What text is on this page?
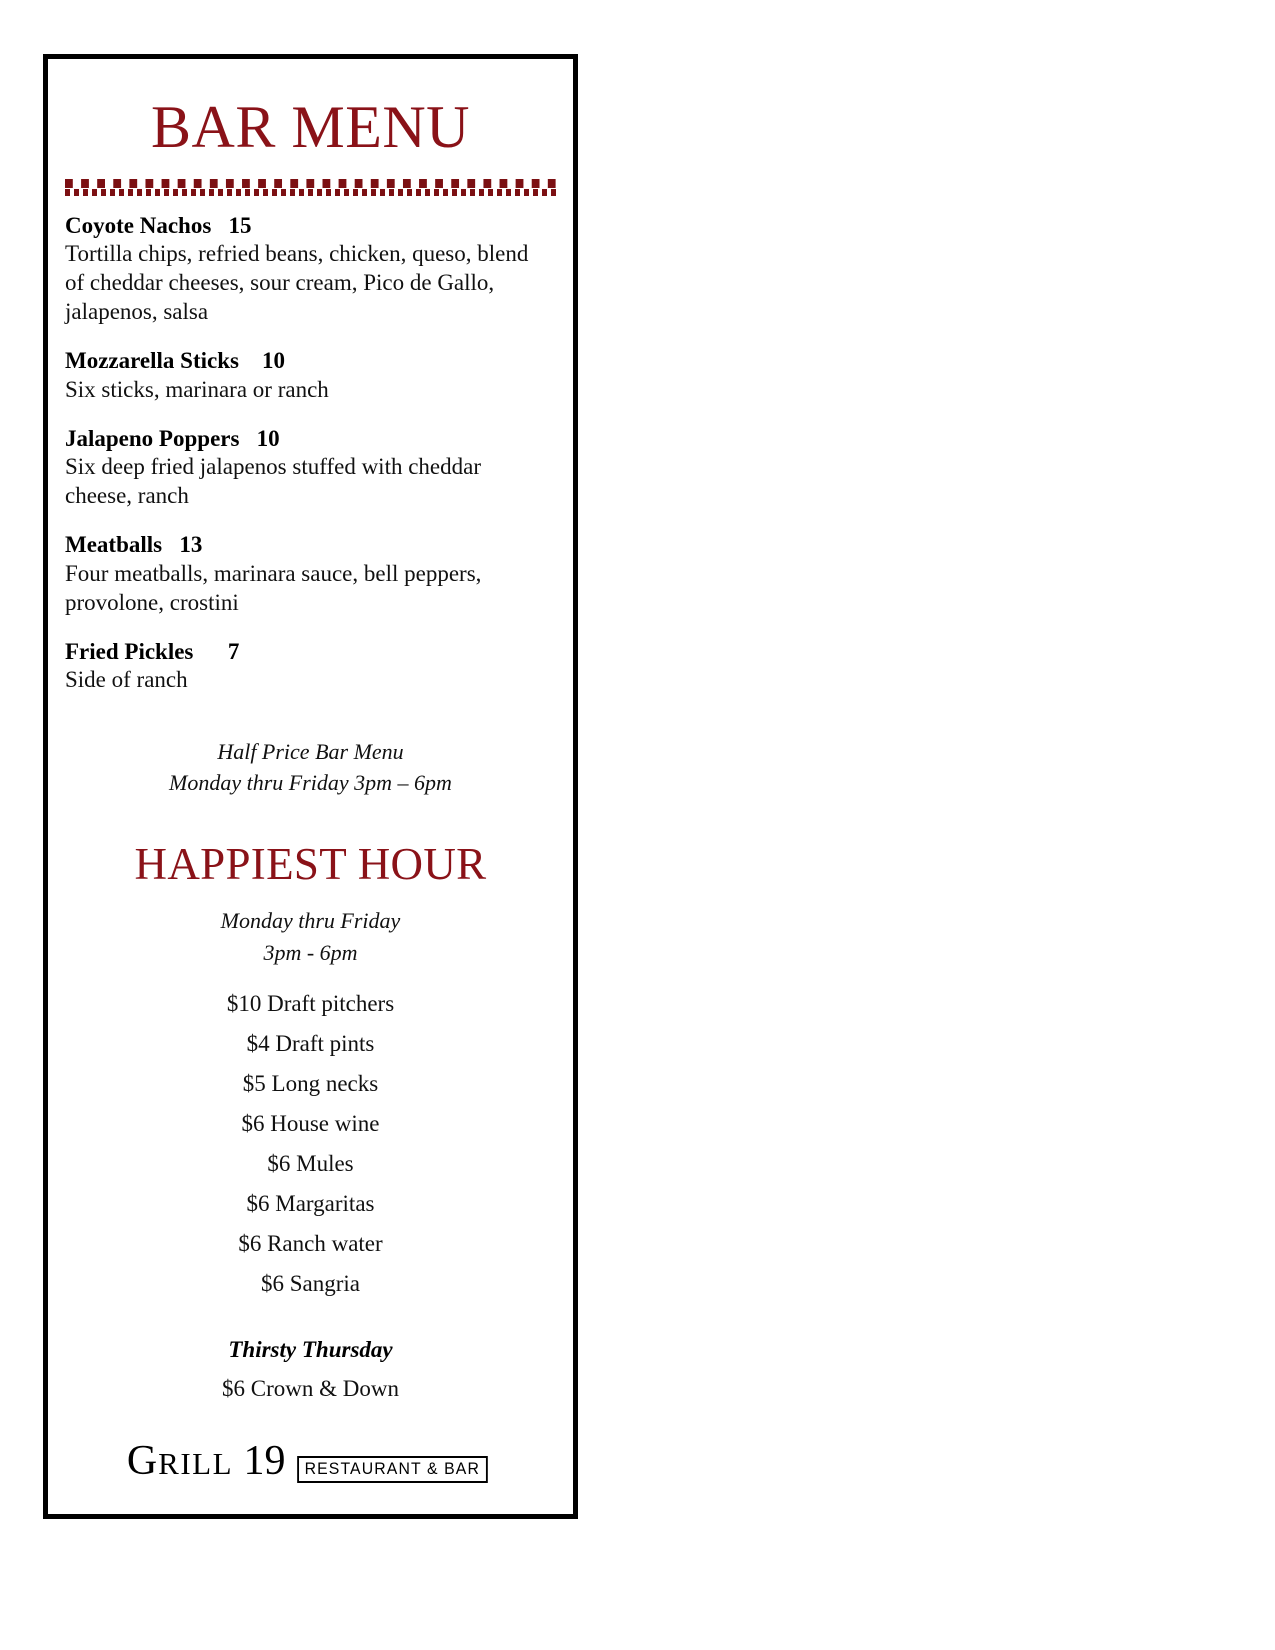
BAR MENU
Coyote Nachos   15
Tortilla chips, refried beans, chicken, queso, blend of cheddar cheeses, sour cream, Pico de Gallo, jalapenos, salsa
Mozzarella Sticks    10
Six sticks, marinara or ranch
Jalapeno Poppers   10
Six deep fried jalapenos stuffed with cheddar cheese, ranch
Meatballs   13
Four meatballs, marinara sauce, bell peppers, provolone, crostini
Fried Pickles      7
Side of ranch
Half Price Bar Menu
Monday thru Friday 3pm – 6pm
HAPPIEST HOUR
Monday thru Friday
3pm - 6pm
$10 Draft pitchers
$4 Draft pints
$5 Long necks
$6 House wine
$6 Mules
$6 Margaritas
$6 Ranch water
$6 Sangria
Thirsty Thursday
$6 Crown & Down
GRILL 19 RESTAURANT & BAR
